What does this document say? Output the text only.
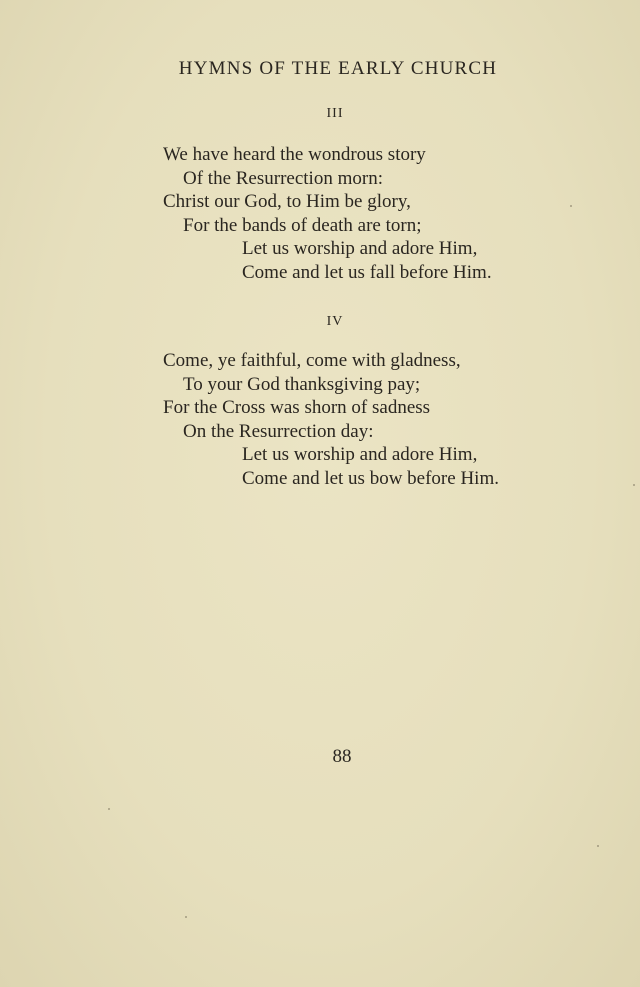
HYMNS OF THE EARLY CHURCH
III
We have heard the wondrous story
Of the Resurrection morn:
Christ our God, to Him be glory,
For the bands of death are torn;
Let us worship and adore Him,
Come and let us fall before Him.
IV
Come, ye faithful, come with gladness,
To your God thanksgiving pay;
For the Cross was shorn of sadness
On the Resurrection day:
Let us worship and adore Him,
Come and let us bow before Him.
88
